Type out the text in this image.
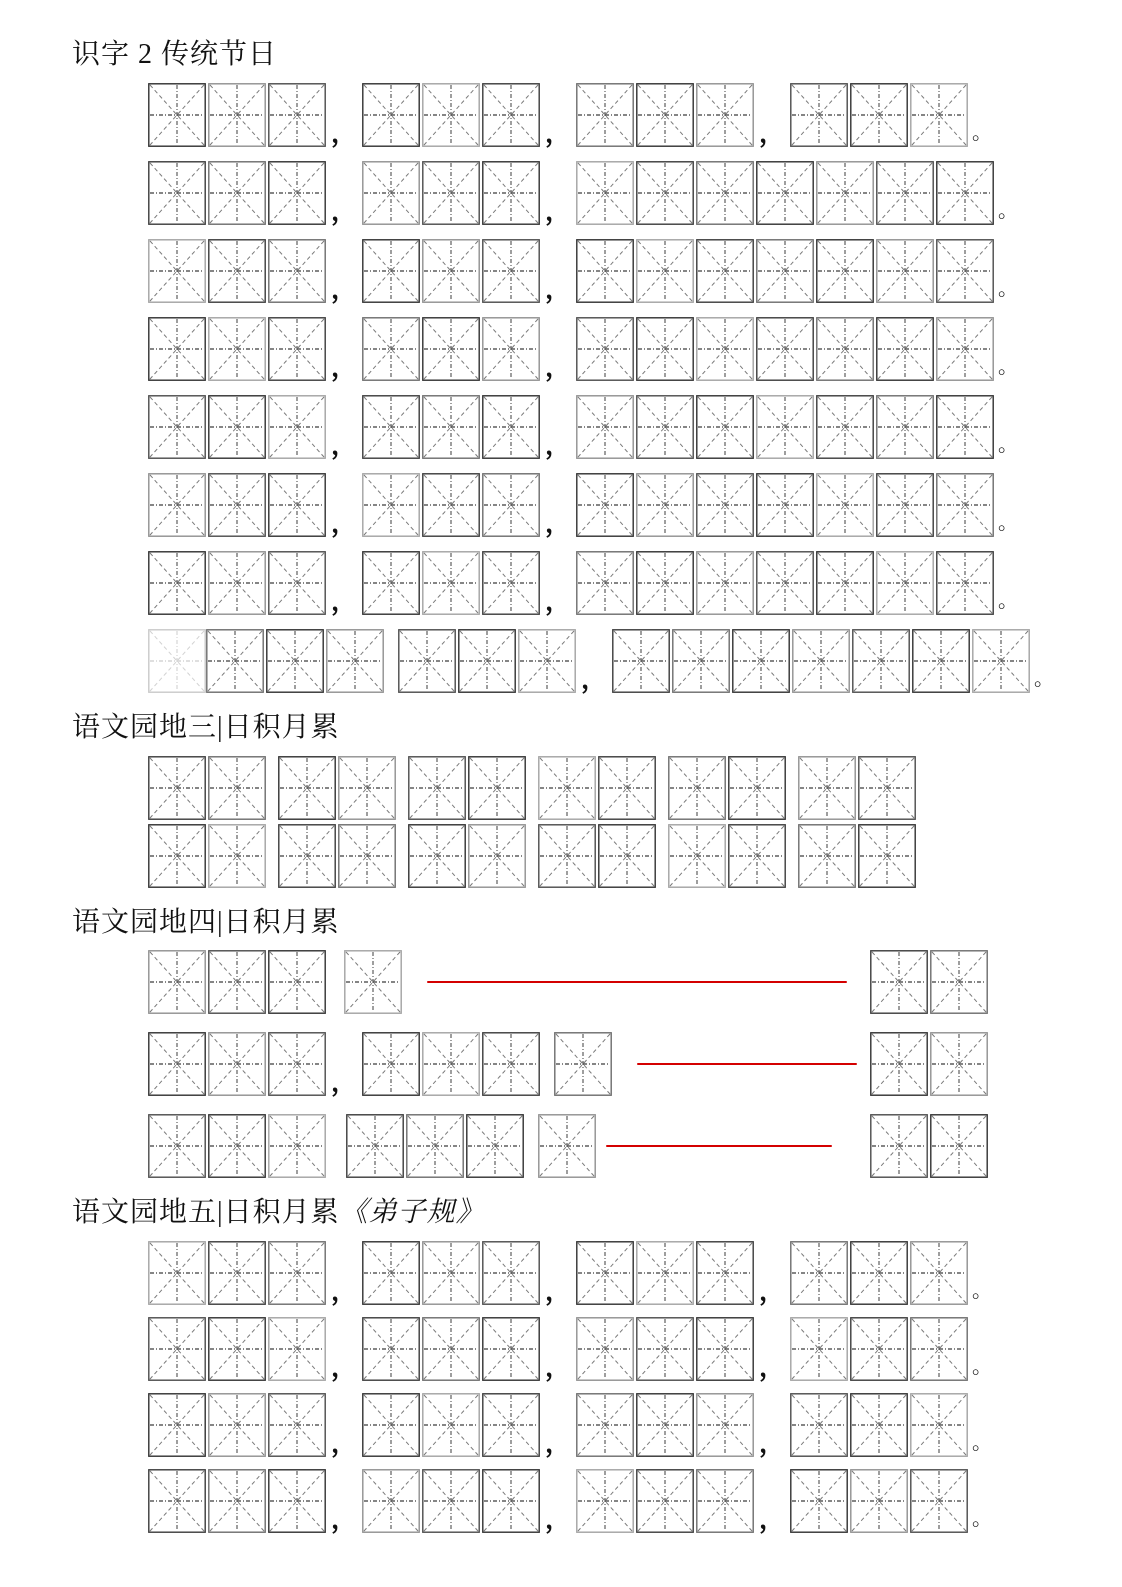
识字 2 传统节日
，	，	，	。
，	，	。
，	，	。
，	，	。
，	，	。
，	，	。
，	，	。
，	。
语文园地三|日积月累
语文园地四|日积月累
，
语文园地五|日积月累《弟子规》
，	，	，	。
，	，	，	。
，	，	，	。
，	，	，	。
